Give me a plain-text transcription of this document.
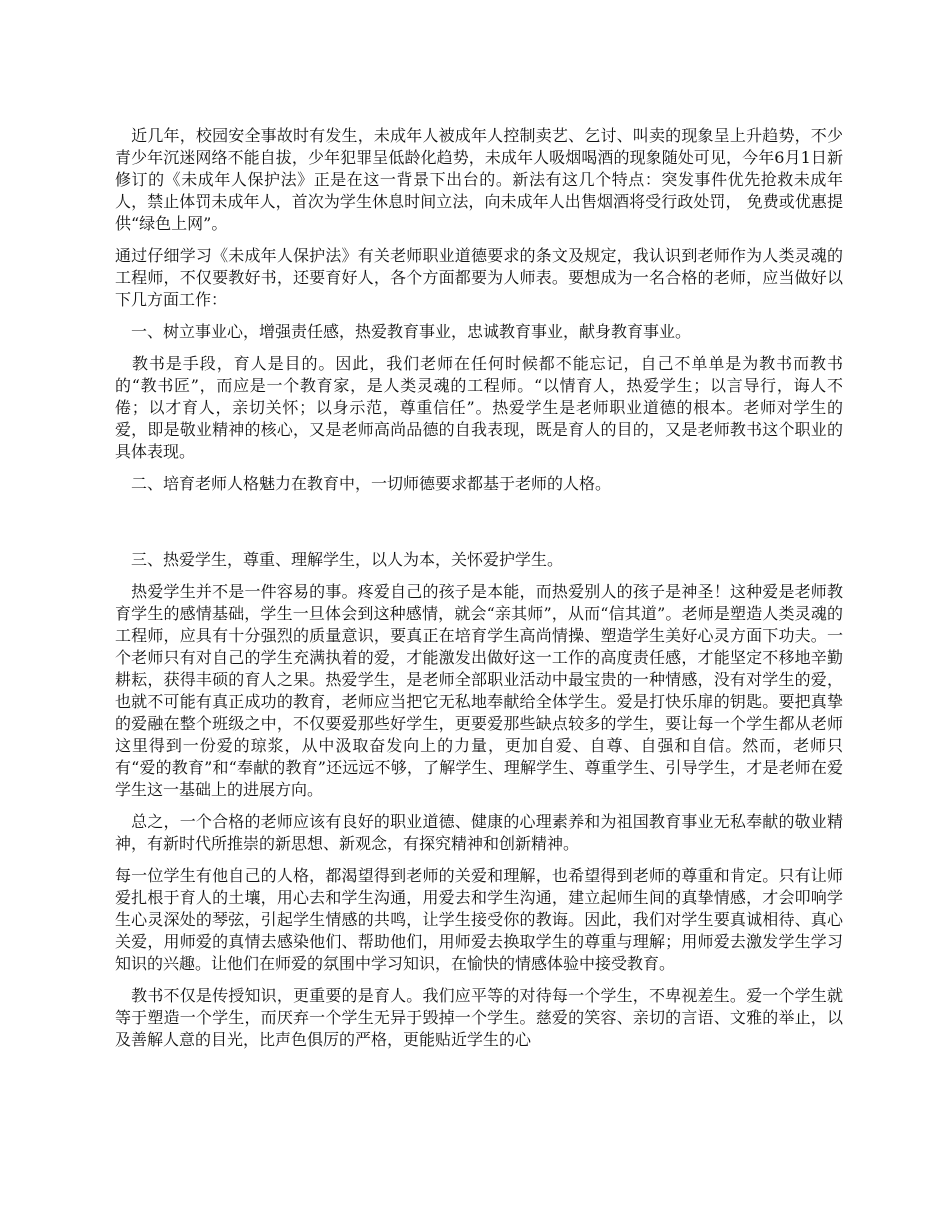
　近几年，校园安全事故时有发生，未成年人被成年人控制卖艺、乞讨、叫卖的现象呈上升趋势，不少青少年沉迷网络不能自拔，少年犯罪呈低龄化趋势，未成年人吸烟喝酒的现象随处可见，今年6月1日新修订的《未成年人保护法》正是在这一背景下出台的。新法有这几个特点：突发事件优先抢救未成年人，禁止体罚未成年人，首次为学生休息时间立法，向未成年人出售烟酒将受行政处罚， 免费或优惠提供“绿色上网”。

通过仔细学习《未成年人保护法》有关老师职业道德要求的条文及规定，我认识到老师作为人类灵魂的工程师，不仅要教好书，还要育好人，各个方面都要为人师表。要想成为一名合格的老师，应当做好以下几方面工作：

　一、树立事业心，增强责任感，热爱教育事业，忠诚教育事业，献身教育事业。

　教书是手段，育人是目的。因此，我们老师在任何时候都不能忘记，自己不单单是为教书而教书的“教书匠”，而应是一个教育家，是人类灵魂的工程师。“以情育人，热爱学生；以言导行，诲人不倦；以才育人，亲切关怀；以身示范，尊重信任”。热爱学生是老师职业道德的根本。老师对学生的爱，即是敬业精神的核心，又是老师高尚品德的自我表现，既是育人的目的，又是老师教书这个职业的具体表现。

　二、培育老师人格魅力在教育中，一切师德要求都基于老师的人格。

　三、热爱学生，尊重、理解学生，以人为本，关怀爱护学生。

　热爱学生并不是一件容易的事。疼爱自己的孩子是本能，而热爱别人的孩子是神圣！这种爱是老师教育学生的感情基础，学生一旦体会到这种感情，就会“亲其师”，从而“信其道”。老师是塑造人类灵魂的工程师，应具有十分强烈的质量意识，要真正在培育学生高尚情操、塑造学生美好心灵方面下功夫。一个老师只有对自己的学生充满执着的爱，才能激发出做好这一工作的高度责任感，才能坚定不移地辛勤耕耘，获得丰硕的育人之果。热爱学生，是老师全部职业活动中最宝贵的一种情感，没有对学生的爱，也就不可能有真正成功的教育，老师应当把它无私地奉献给全体学生。爱是打快乐扉的钥匙。要把真挚的爱融在整个班级之中，不仅要爱那些好学生，更要爱那些缺点较多的学生，要让每一个学生都从老师这里得到一份爱的琼浆，从中汲取奋发向上的力量，更加自爱、自尊、自强和自信。然而，老师只有“爱的教育”和“奉献的教育”还远远不够，了解学生、理解学生、尊重学生、引导学生，才是老师在爱学生这一基础上的进展方向。

　总之，一个合格的老师应该有良好的职业道德、健康的心理素养和为祖国教育事业无私奉献的敬业精神，有新时代所推崇的新思想、新观念，有探究精神和创新精神。

每一位学生有他自己的人格，都渴望得到老师的关爱和理解，也希望得到老师的尊重和肯定。只有让师爱扎根于育人的土壤，用心去和学生沟通，用爱去和学生沟通，建立起师生间的真挚情感，才会叩响学生心灵深处的琴弦，引起学生情感的共鸣，让学生接受你的教诲。因此，我们对学生要真诚相待、真心关爱，用师爱的真情去感染他们、帮助他们，用师爱去换取学生的尊重与理解；用师爱去激发学生学习知识的兴趣。让他们在师爱的氛围中学习知识，在愉快的情感体验中接受教育。

　教书不仅是传授知识，更重要的是育人。我们应平等的对待每一个学生，不卑视差生。爱一个学生就等于塑造一个学生，而厌弃一个学生无异于毁掉一个学生。慈爱的笑容、亲切的言语、文雅的举止，以及善解人意的目光，比声色俱厉的严格，更能贴近学生的心
